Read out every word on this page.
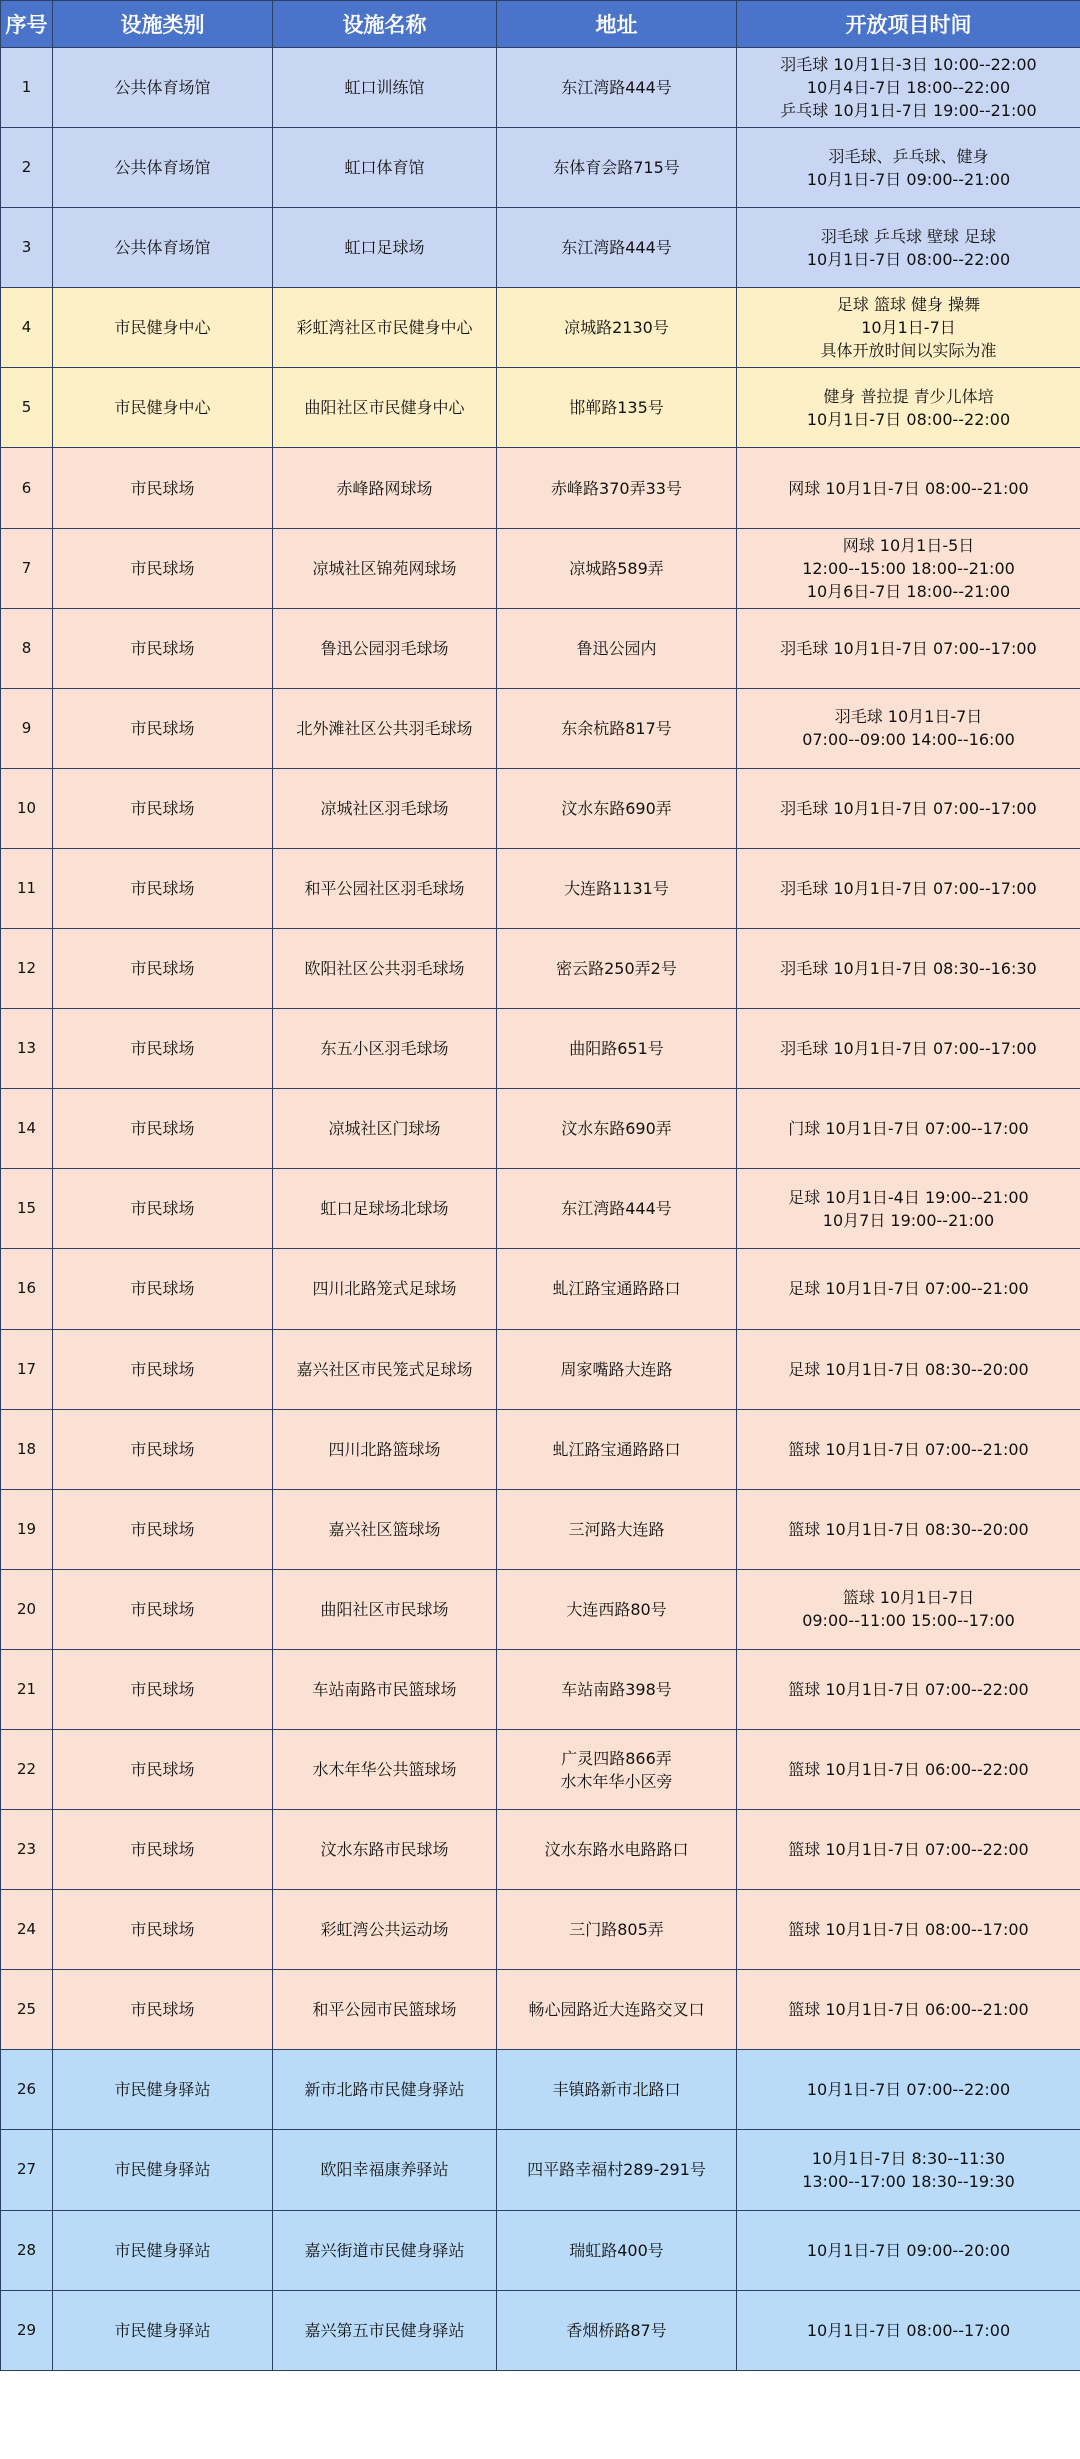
序号	设施类别	设施名称	地址	开放项目时间
1	公共体育场馆	虹口训练馆	东江湾路444号	羽毛球 10月1日-3日 10:00--22:00
10月4日-7日 18:00--22:00
乒乓球 10月1日-7日 19:00--21:00
2	公共体育场馆	虹口体育馆	东体育会路715号	羽毛球、乒乓球、健身
10月1日-7日 09:00--21:00
3	公共体育场馆	虹口足球场	东江湾路444号	羽毛球 乒乓球 壁球 足球
10月1日-7日 08:00--22:00
4	市民健身中心	彩虹湾社区市民健身中心	凉城路2130号	足球 篮球 健身 操舞
10月1日-7日
具体开放时间以实际为准
5	市民健身中心	曲阳社区市民健身中心	邯郸路135号	健身 普拉提 青少儿体培
10月1日-7日 08:00--22:00
6	市民球场	赤峰路网球场	赤峰路370弄33号	网球 10月1日-7日 08:00--21:00
7	市民球场	凉城社区锦苑网球场	凉城路589弄	网球 10月1日-5日
12:00--15:00 18:00--21:00
10月6日-7日 18:00--21:00
8	市民球场	鲁迅公园羽毛球场	鲁迅公园内	羽毛球 10月1日-7日 07:00--17:00
9	市民球场	北外滩社区公共羽毛球场	东余杭路817号	羽毛球 10月1日-7日
07:00--09:00 14:00--16:00
10	市民球场	凉城社区羽毛球场	汶水东路690弄	羽毛球 10月1日-7日 07:00--17:00
11	市民球场	和平公园社区羽毛球场	大连路1131号	羽毛球 10月1日-7日 07:00--17:00
12	市民球场	欧阳社区公共羽毛球场	密云路250弄2号	羽毛球 10月1日-7日 08:30--16:30
13	市民球场	东五小区羽毛球场	曲阳路651号	羽毛球 10月1日-7日 07:00--17:00
14	市民球场	凉城社区门球场	汶水东路690弄	门球 10月1日-7日 07:00--17:00
15	市民球场	虹口足球场北球场	东江湾路444号	足球 10月1日-4日 19:00--21:00
10月7日 19:00--21:00
16	市民球场	四川北路笼式足球场	虬江路宝通路路口	足球 10月1日-7日 07:00--21:00
17	市民球场	嘉兴社区市民笼式足球场	周家嘴路大连路	足球 10月1日-7日 08:30--20:00
18	市民球场	四川北路篮球场	虬江路宝通路路口	篮球 10月1日-7日 07:00--21:00
19	市民球场	嘉兴社区篮球场	三河路大连路	篮球 10月1日-7日 08:30--20:00
20	市民球场	曲阳社区市民球场	大连西路80号	篮球 10月1日-7日
09:00--11:00 15:00--17:00
21	市民球场	车站南路市民篮球场	车站南路398号	篮球 10月1日-7日 07:00--22:00
22	市民球场	水木年华公共篮球场	广灵四路866弄
水木年华小区旁	篮球 10月1日-7日 06:00--22:00
23	市民球场	汶水东路市民球场	汶水东路水电路路口	篮球 10月1日-7日 07:00--22:00
24	市民球场	彩虹湾公共运动场	三门路805弄	篮球 10月1日-7日 08:00--17:00
25	市民球场	和平公园市民篮球场	畅心园路近大连路交叉口	篮球 10月1日-7日 06:00--21:00
26	市民健身驿站	新市北路市民健身驿站	丰镇路新市北路口	10月1日-7日 07:00--22:00
27	市民健身驿站	欧阳幸福康养驿站	四平路幸福村289-291号	10月1日-7日 8:30--11:30
13:00--17:00 18:30--19:30
28	市民健身驿站	嘉兴街道市民健身驿站	瑞虹路400号	10月1日-7日 09:00--20:00
29	市民健身驿站	嘉兴第五市民健身驿站	香烟桥路87号	10月1日-7日 08:00--17:00
